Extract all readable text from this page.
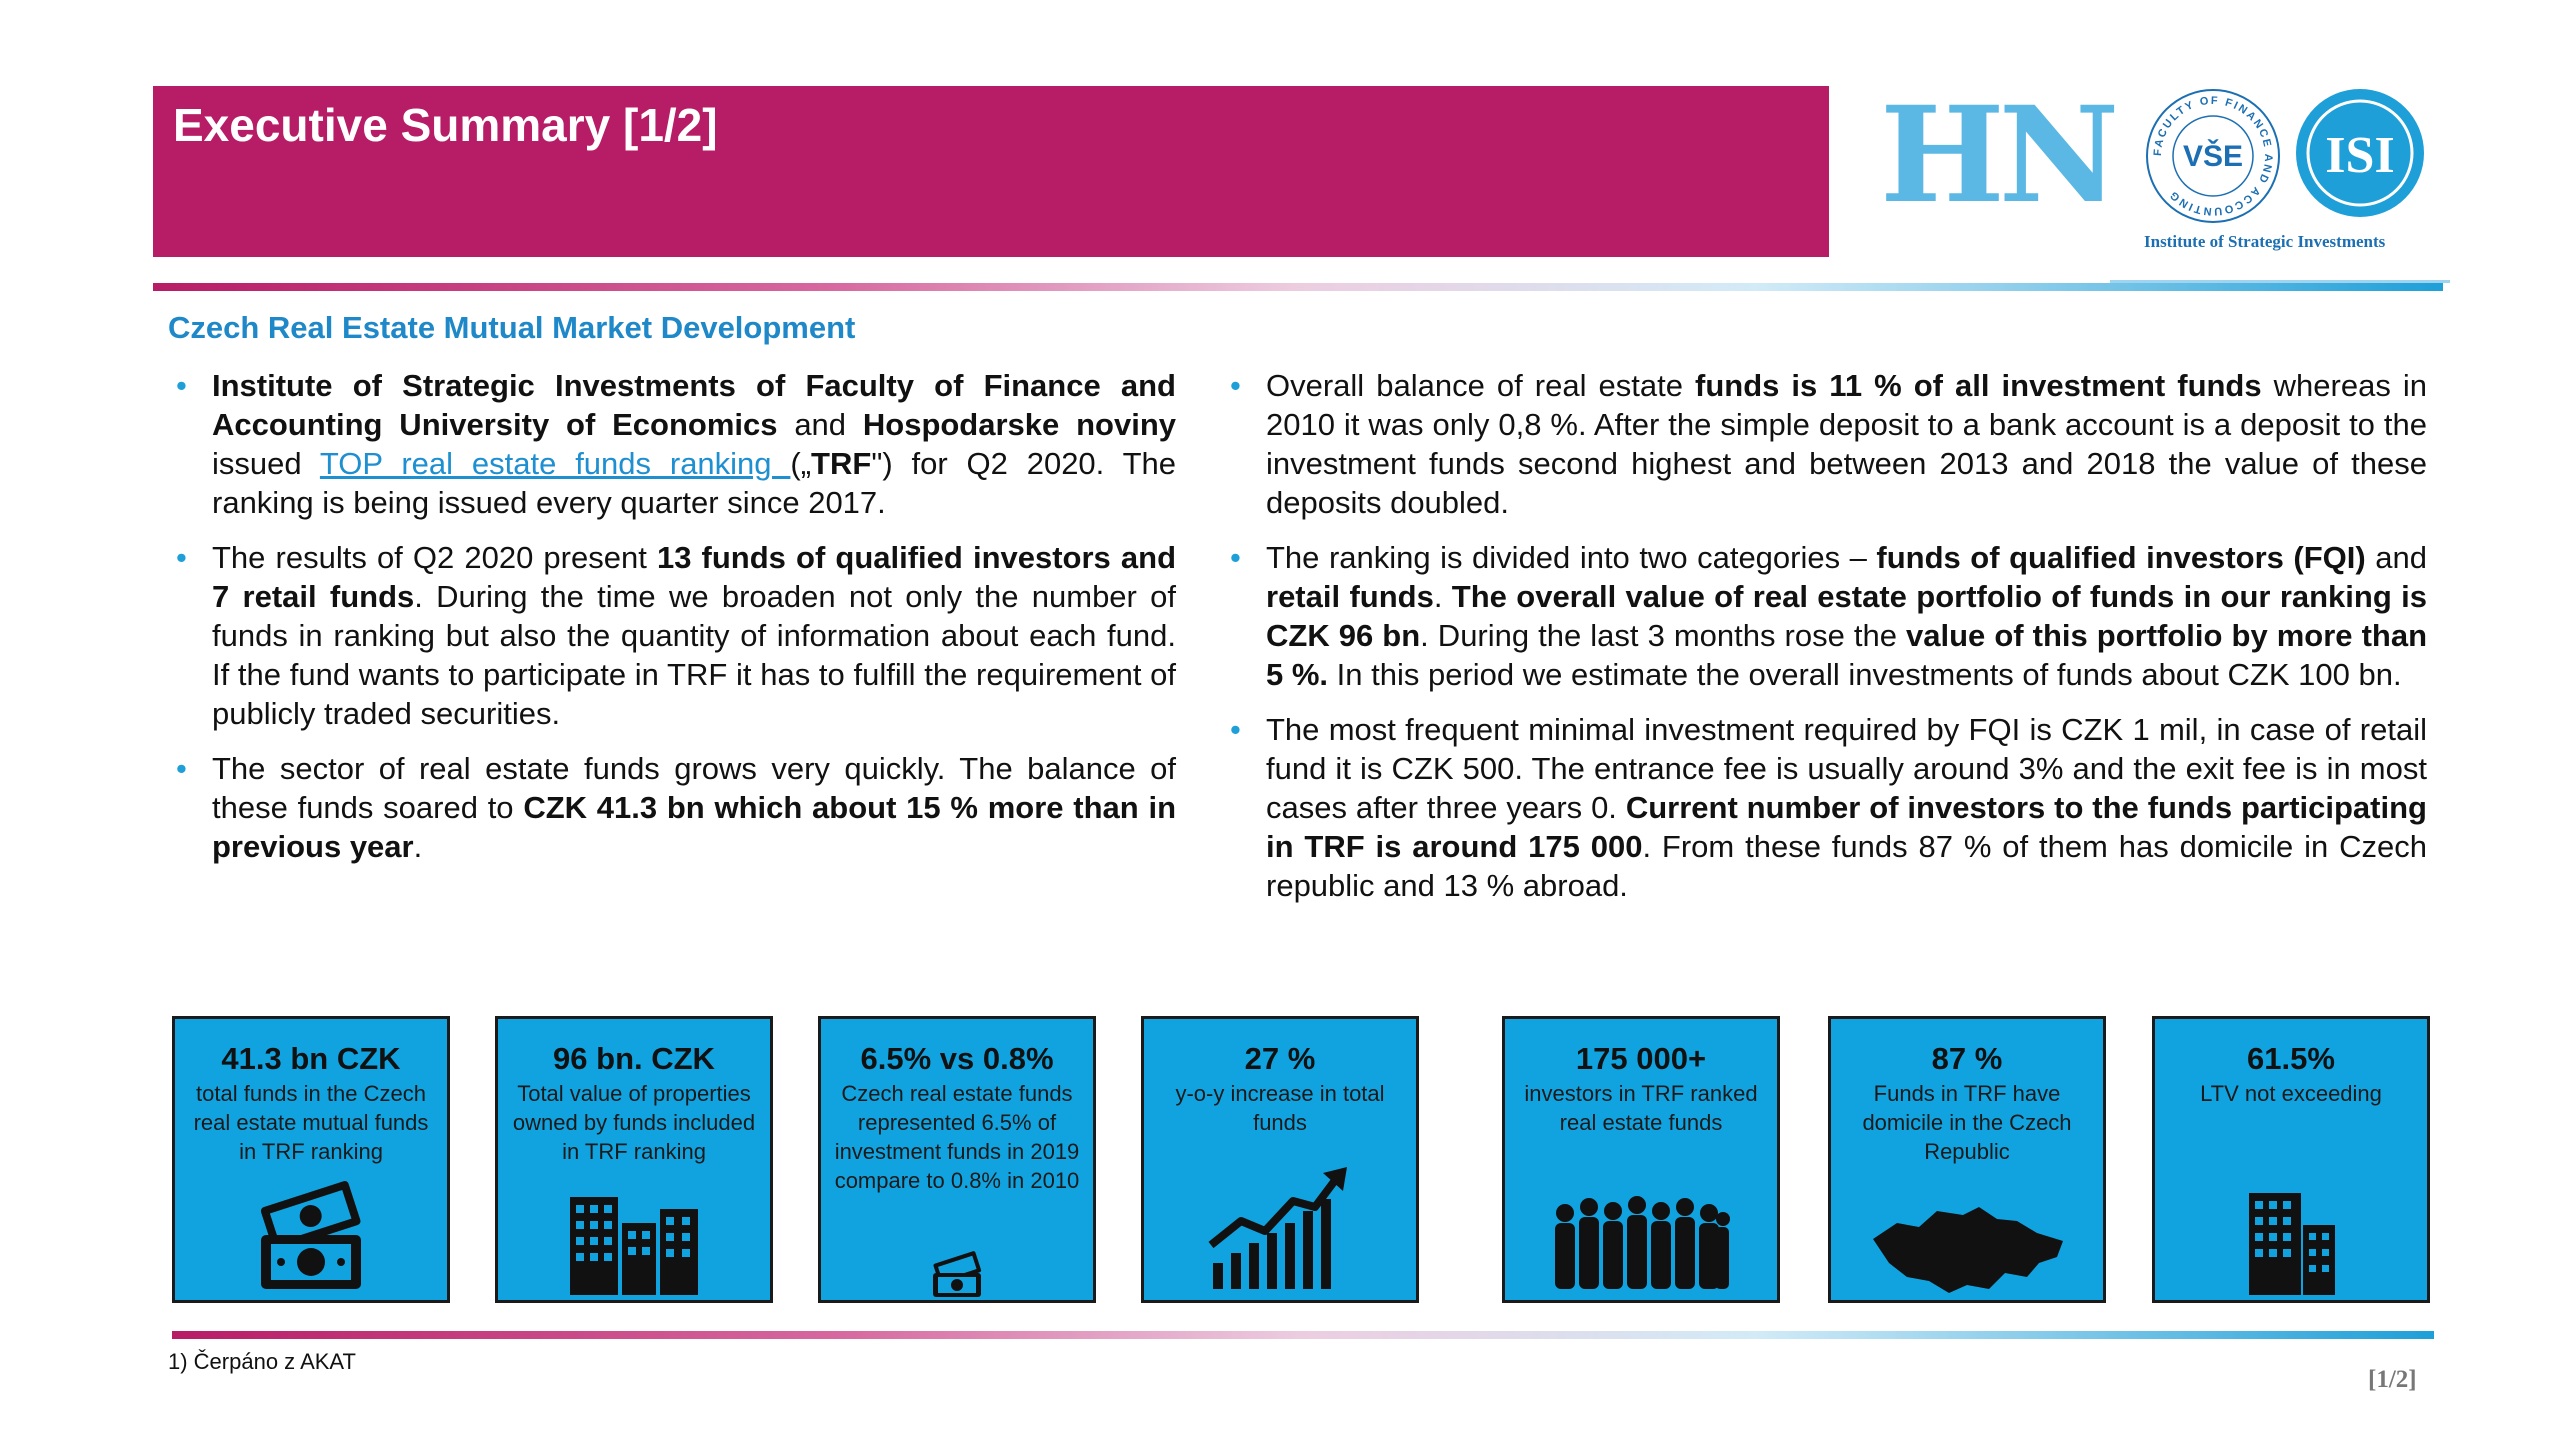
Executive Summary [1/2]	HN	FACULTY OF FINANCE AND ACCOUNTING
VŠE ISI
Institute of Strategic Investments
Czech Real Estate Mutual Market Development
• Institute of Strategic Investments of Faculty of Finance and Accounting University of Economics and Hospodarske noviny issued TOP real estate funds ranking („TRF") for Q2 2020. The ranking is being issued every quarter since 2017.
• The results of Q2 2020 present 13 funds of qualified investors and 7 retail funds. During the time we broaden not only the number of funds in ranking but also the quantity of information about each fund. If the fund wants to participate in TRF it has to fulfill the requirement of publicly traded securities.
• The sector of real estate funds grows very quickly. The balance of these funds soared to CZK 41.3 bn which about 15 % more than in previous year.
• Overall balance of real estate funds is 11 % of all investment funds whereas in 2010 it was only 0,8 %. After the simple deposit to a bank account is a deposit to the investment funds second highest and between 2013 and 2018 the value of these deposits doubled.
• The ranking is divided into two categories – funds of qualified investors (FQI) and retail funds. The overall value of real estate portfolio of funds in our ranking is CZK 96 bn. During the last 3 months rose the value of this portfolio by more than 5 %. In this period we estimate the overall investments of funds about CZK 100 bn.
• The most frequent minimal investment required by FQI is CZK 1 mil, in case of retail fund it is CZK 500. The entrance fee is usually around 3% and the exit fee is in most cases after three years 0. Current number of investors to the funds participating in TRF is around 175 000. From these funds 87 % of them has domicile in Czech republic and 13 % abroad.
41.3 bn CZK
total funds in the Czech real estate mutual funds in TRF ranking
96 bn. CZK
Total value of properties owned by funds included in TRF ranking
6.5% vs 0.8%
Czech real estate funds represented 6.5% of investment funds in 2019 compare to 0.8% in 2010
27 %
y-o-y increase in total funds
175 000+
investors in TRF ranked real estate funds
87 %
Funds in TRF have domicile in the Czech Republic
61.5%
LTV not exceeding
1) Čerpáno z AKAT
[1/2]
